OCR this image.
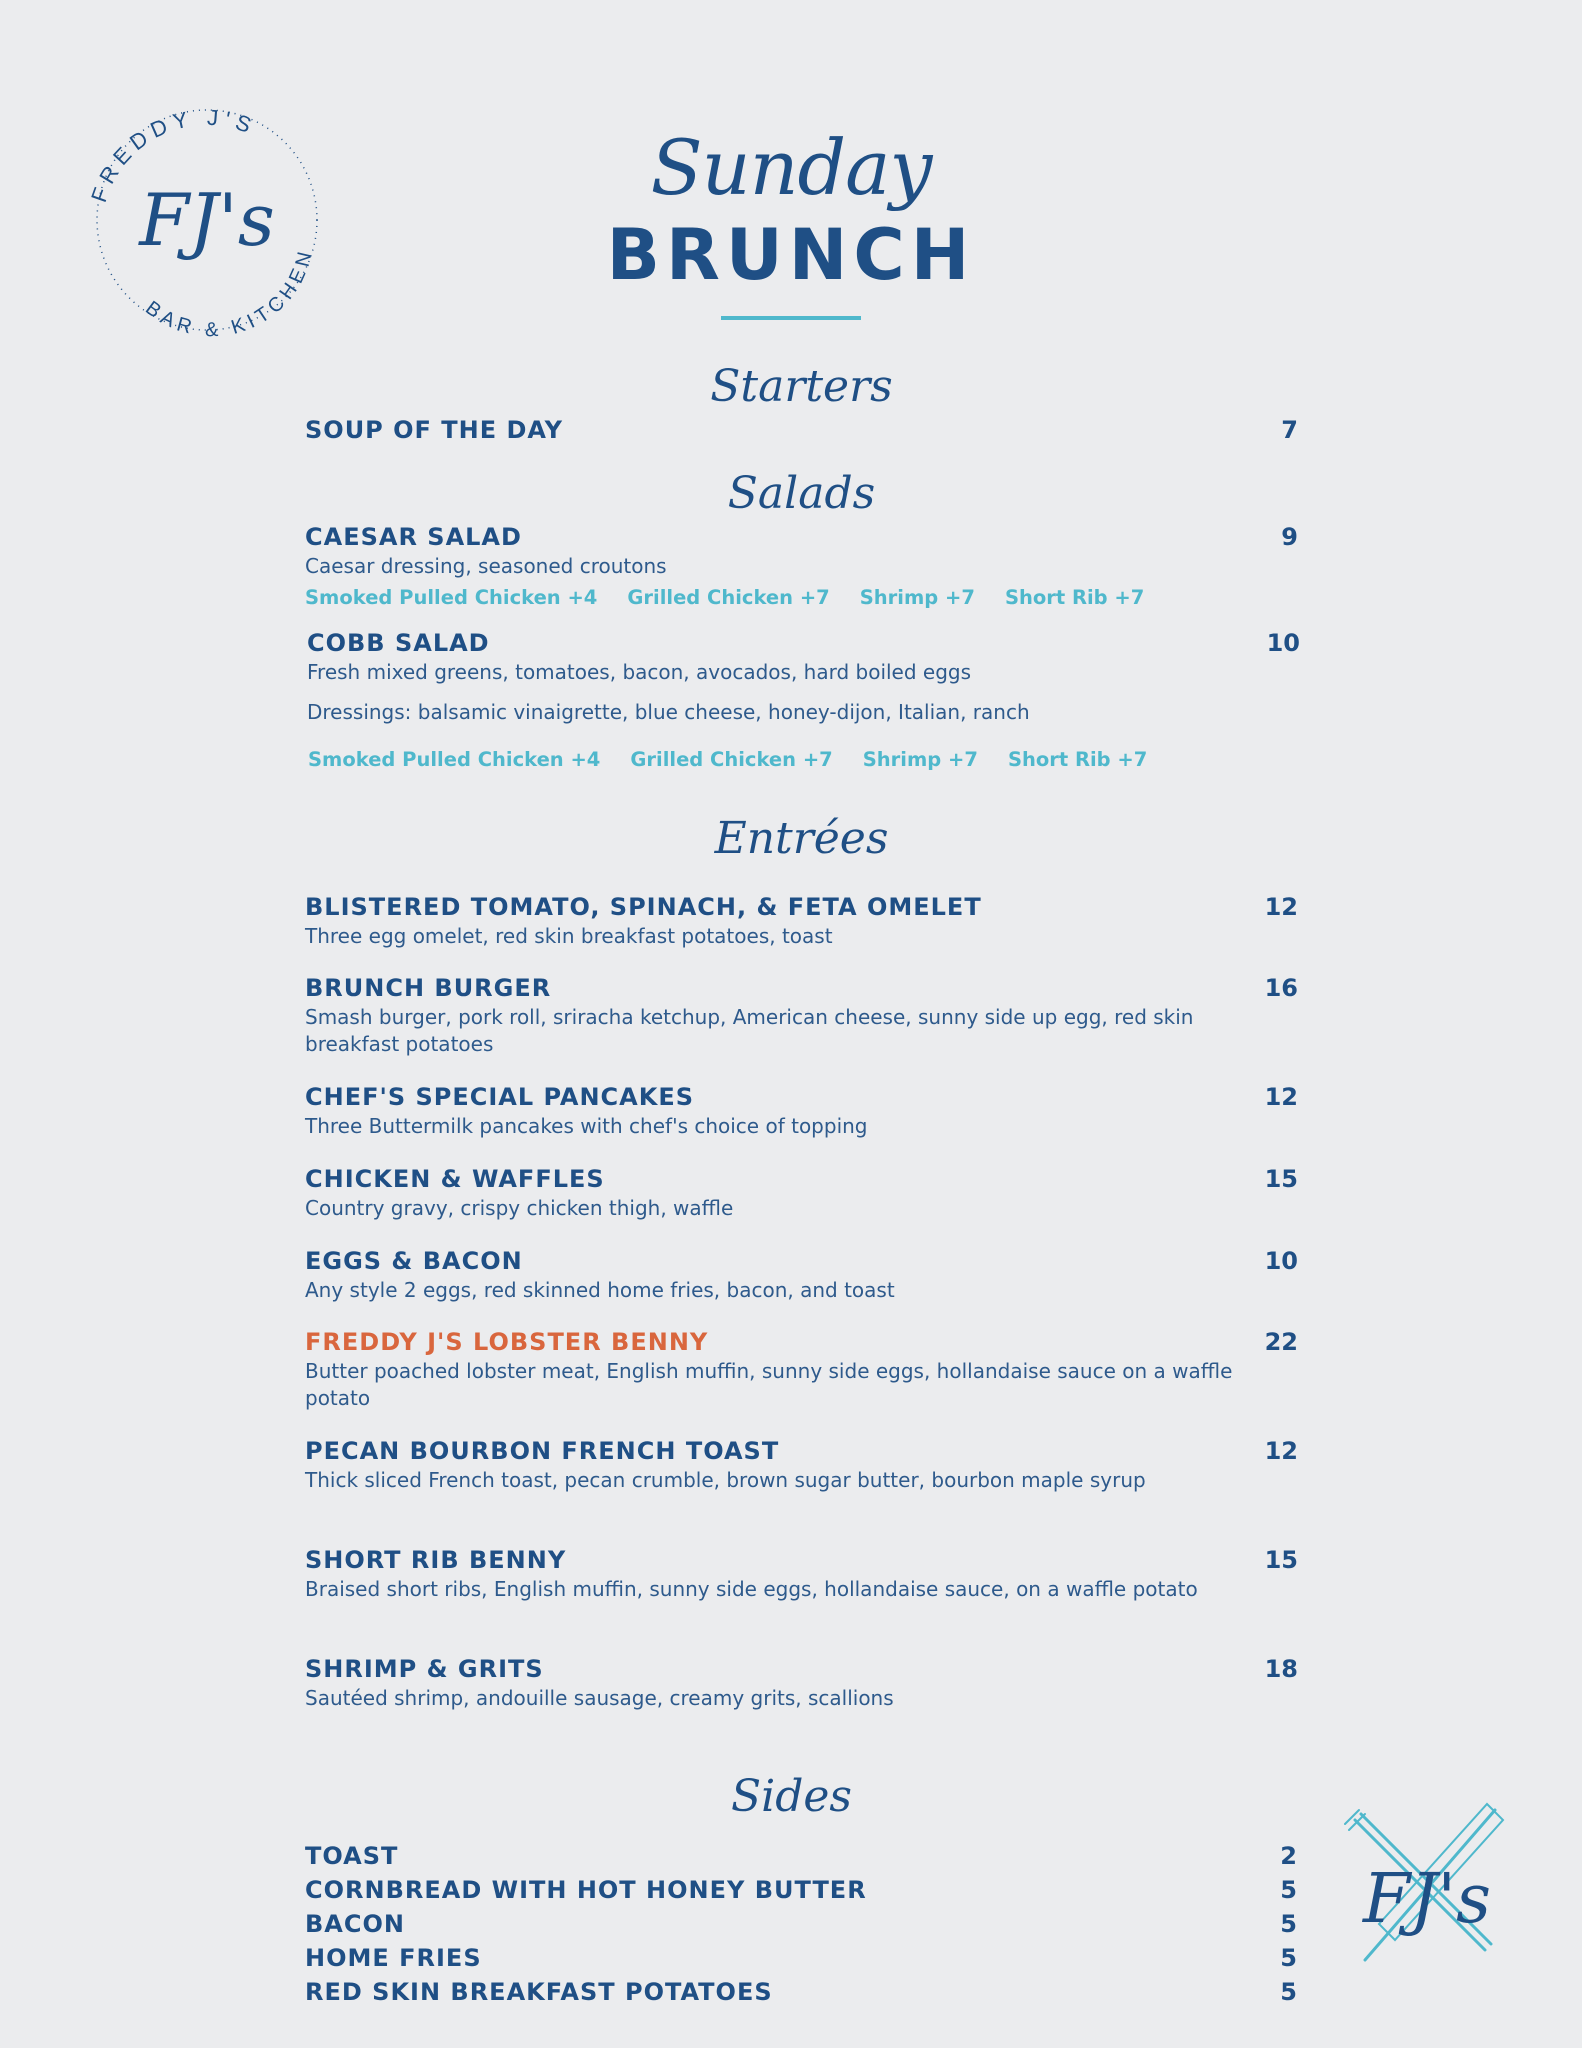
FREDDY J'S
BAR & KITCHEN
FJ's
Sunday
BRUNCH
Starters
SOUP OF THE DAY	7
Salads
CAESAR SALAD	9
Caesar dressing, seasoned croutons
Smoked Pulled Chicken +4 Grilled Chicken +7 Shrimp +7 Short Rib +7
COBB SALAD	10
Fresh mixed greens, tomatoes, bacon, avocados, hard boiled eggs
Dressings: balsamic vinaigrette, blue cheese, honey-dijon, Italian, ranch
Smoked Pulled Chicken +4 Grilled Chicken +7 Shrimp +7 Short Rib +7
Entrées
BLISTERED TOMATO, SPINACH, & FETA OMELET	12
Three egg omelet, red skin breakfast potatoes, toast
BRUNCH BURGER	16
Smash burger, pork roll, sriracha ketchup, American cheese, sunny side up egg, red skin breakfast potatoes
CHEF'S SPECIAL PANCAKES	12
Three Buttermilk pancakes with chef's choice of topping
CHICKEN & WAFFLES	15
Country gravy, crispy chicken thigh, waffle
EGGS & BACON	10
Any style 2 eggs, red skinned home fries, bacon, and toast
FREDDY J'S LOBSTER BENNY	22
Butter poached lobster meat, English muffin, sunny side eggs, hollandaise sauce on a waffle potato
PECAN BOURBON FRENCH TOAST	12
Thick sliced French toast, pecan crumble, brown sugar butter, bourbon maple syrup
SHORT RIB BENNY	15
Braised short ribs, English muffin, sunny side eggs, hollandaise sauce, on a waffle potato
SHRIMP & GRITS	18
Sautéed shrimp, andouille sausage, creamy grits, scallions
Sides
TOAST	2
CORNBREAD WITH HOT HONEY BUTTER	5
BACON	5
HOME FRIES	5
RED SKIN BREAKFAST POTATOES	5
FJ's
